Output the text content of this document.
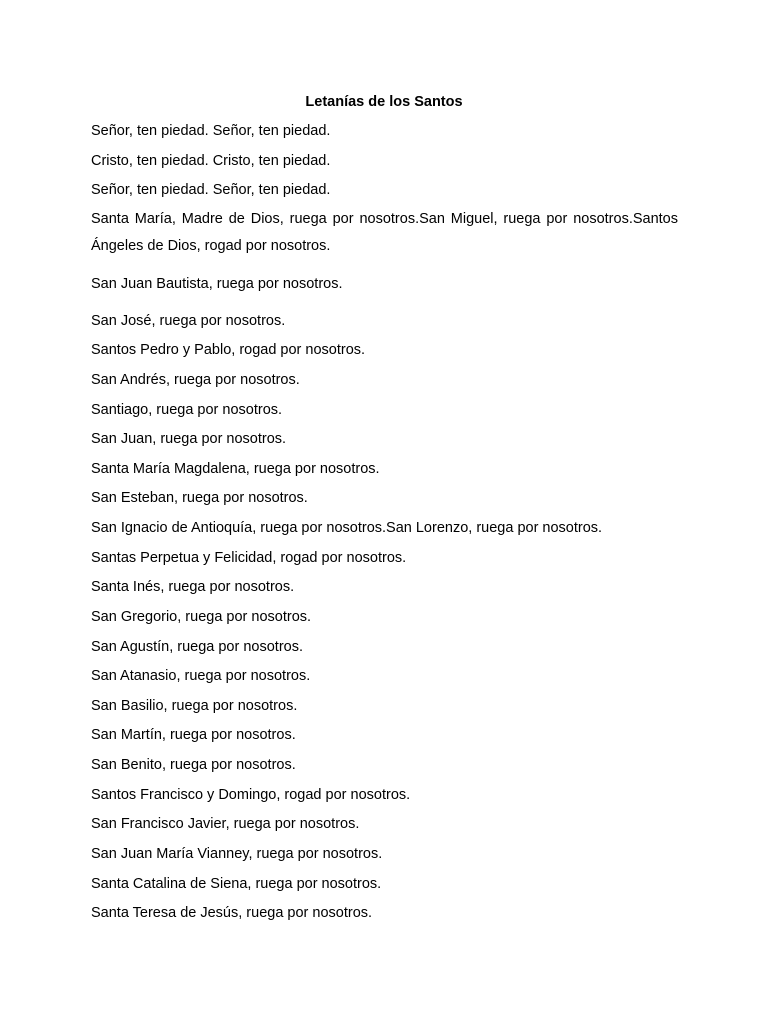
Letanías de los Santos
Señor, ten piedad. Señor, ten piedad.
Cristo, ten piedad. Cristo, ten piedad.
Señor, ten piedad. Señor, ten piedad.
Santa María, Madre de Dios, ruega por nosotros.San Miguel, ruega por nosotros.Santos Ángeles de Dios, rogad por nosotros.
San Juan Bautista, ruega por nosotros.
San José, ruega por nosotros.
Santos Pedro y Pablo, rogad por nosotros.
San Andrés, ruega por nosotros.
Santiago, ruega por nosotros.
San Juan, ruega por nosotros.
Santa María Magdalena, ruega por nosotros.
San Esteban, ruega por nosotros.
San Ignacio de Antioquía, ruega por nosotros.San Lorenzo, ruega por nosotros.
Santas Perpetua y Felicidad, rogad por nosotros.
Santa Inés, ruega por nosotros.
San Gregorio, ruega por nosotros.
San Agustín, ruega por nosotros.
San Atanasio, ruega por nosotros.
San Basilio, ruega por nosotros.
San Martín, ruega por nosotros.
San Benito, ruega por nosotros.
Santos Francisco y Domingo, rogad por nosotros.
San Francisco Javier, ruega por nosotros.
San Juan María Vianney, ruega por nosotros.
Santa Catalina de Siena, ruega por nosotros.
Santa Teresa de Jesús, ruega por nosotros.
